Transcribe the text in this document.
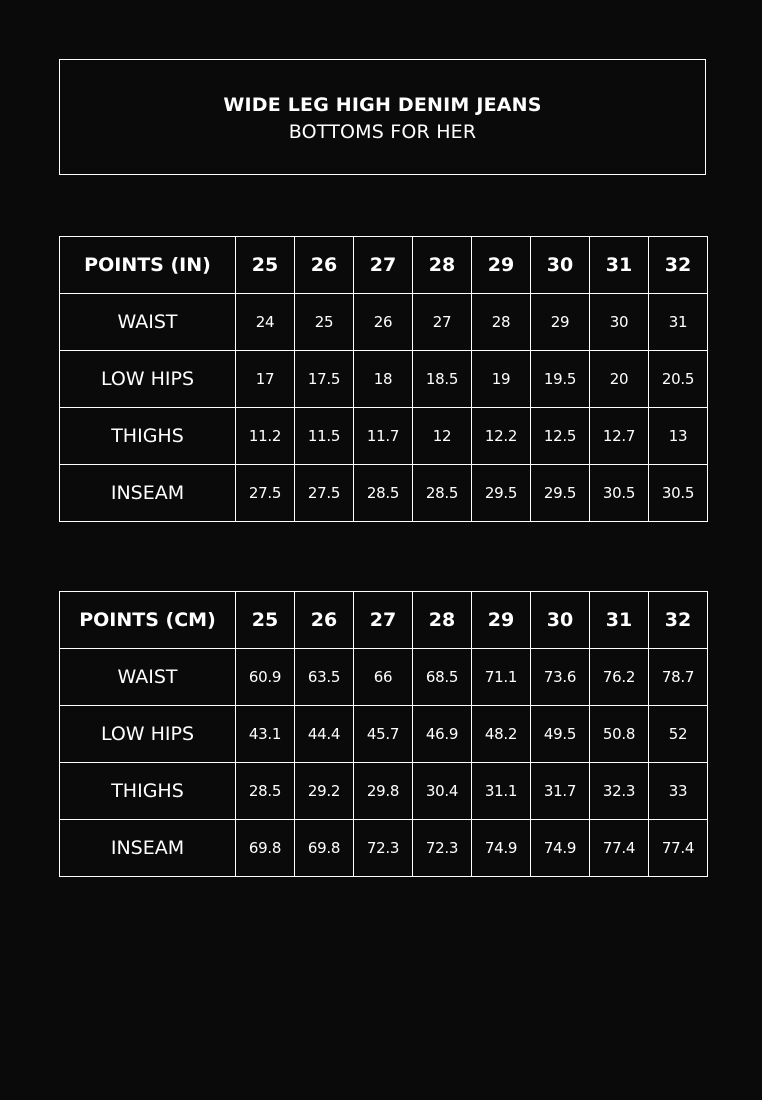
WIDE LEG HIGH DENIM JEANS
BOTTOMS FOR HER
POINTS (IN)	25	26	27	28	29	30	31	32
WAIST	24	25	26	27	28	29	30	31
LOW HIPS	17	17.5	18	18.5	19	19.5	20	20.5
THIGHS	11.2	11.5	11.7	12	12.2	12.5	12.7	13
INSEAM	27.5	27.5	28.5	28.5	29.5	29.5	30.5	30.5
POINTS (CM)	25	26	27	28	29	30	31	32
WAIST	60.9	63.5	66	68.5	71.1	73.6	76.2	78.7
LOW HIPS	43.1	44.4	45.7	46.9	48.2	49.5	50.8	52
THIGHS	28.5	29.2	29.8	30.4	31.1	31.7	32.3	33
INSEAM	69.8	69.8	72.3	72.3	74.9	74.9	77.4	77.4
